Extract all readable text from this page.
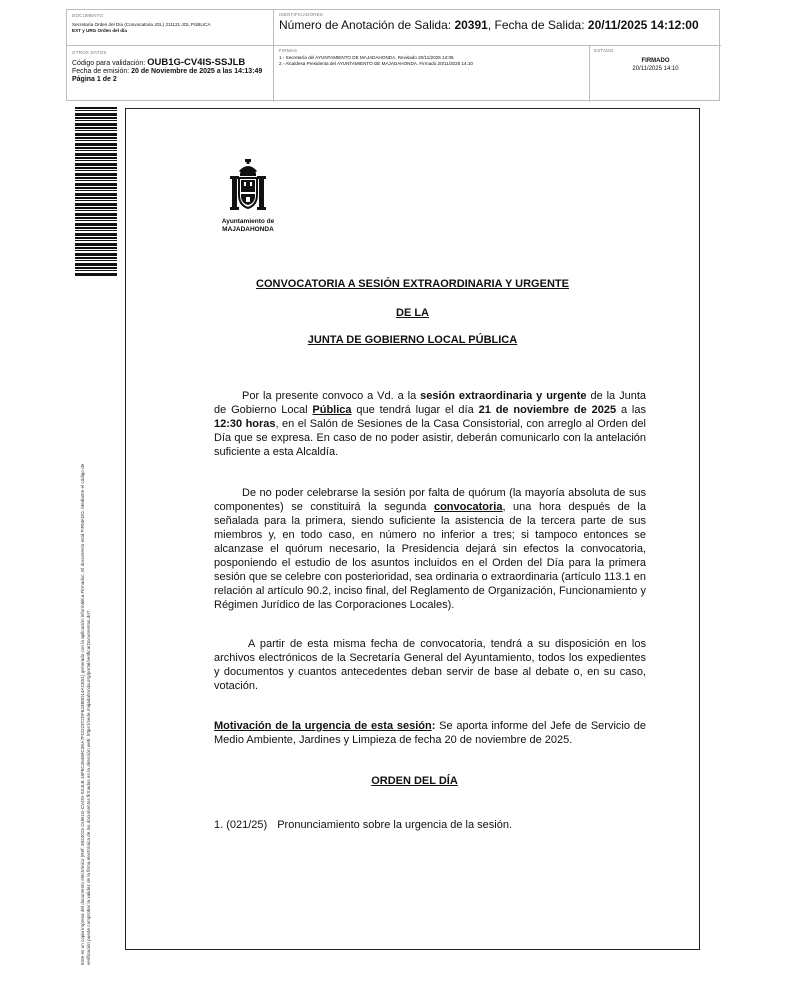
DOCUMENTO
Secretaría Orden del Día (Convocatoria JGL) 211121 JGL PÚBLICA
EXT y URG Orden del día
IDENTIFICADORES
Número de Anotación de Salida: 20391, Fecha de Salida: 20/11/2025 14:12:00
OTROS DATOS
Código para validación: OUB1G-CV4IS-SSJLB
Fecha de emisión: 20 de Noviembre de 2025 a las 14:13:49
Página 1 de 2
FIRMAS
1.- Secretaría del AYUNTAMIENTO DE MAJADAHONDA. Revisado 20/11/2025 14:05
2.- Alcaldesa Presidenta del AYUNTAMIENTO DE MAJADAHONDA. Firmado 20/11/2025 14:10
ESTADO
FIRMADO
20/11/2025 14:10
Este es un copia impresa del documento electrónico (Ref: 3924015 OUB1G-CV4IS-SSJLB 18F6C45489C3EA7FCD2372DF623B0D14ACE51) generado con la aplicación informática Firmadoc. El documento está FIRMADO. Mediante el código de verificación puede comprobar la validez de la firma electrónica de los documentos firmados en la dirección web: https://sede.majadahonda.org/portal/verificarDocumentos.do?
Ayuntamiento de
MAJADAHONDA
CONVOCATORIA A SESIÓN EXTRAORDINARIA Y URGENTE
DE LA
JUNTA DE GOBIERNO LOCAL PÚBLICA
Por la presente convoco a Vd. a la sesión extraordinaria y urgente de la Junta de Gobierno Local Pública que tendrá lugar el día 21 de noviembre de 2025 a las 12:30 horas, en el Salón de Sesiones de la Casa Consistorial, con arreglo al Orden del Día que se expresa. En caso de no poder asistir, deberán comunicarlo con la antelación suficiente a esta Alcaldía.
De no poder celebrarse la sesión por falta de quórum (la mayoría absoluta de sus componentes) se constituirá la segunda convocatoria, una hora después de la señalada para la primera, siendo suficiente la asistencia de la tercera parte de sus miembros y, en todo caso, en número no inferior a tres; si tampoco entonces se alcanzase el quórum necesario, la Presidencia dejará sin efectos la convocatoria, posponiendo el estudio de los asuntos incluidos en el Orden del Día para la primera sesión que se celebre con posterioridad, sea ordinaria o extraordinaria (artículo 113.1 en relación al artículo 90.2, inciso final, del Reglamento de Organización, Funcionamiento y Régimen Jurídico de las Corporaciones Locales).
A partir de esta misma fecha de convocatoria, tendrá a su disposición en los archivos electrónicos de la Secretaría General del Ayuntamiento, todos los expedientes y documentos y cuantos antecedentes deban servir de base al debate o, en su caso, votación.
Motivación de la urgencia de esta sesión: Se aporta informe del Jefe de Servicio de Medio Ambiente, Jardines y Limpieza de fecha 20 de noviembre de 2025.
ORDEN DEL DÍA
1. (021/25) Pronunciamiento sobre la urgencia de la sesión.
